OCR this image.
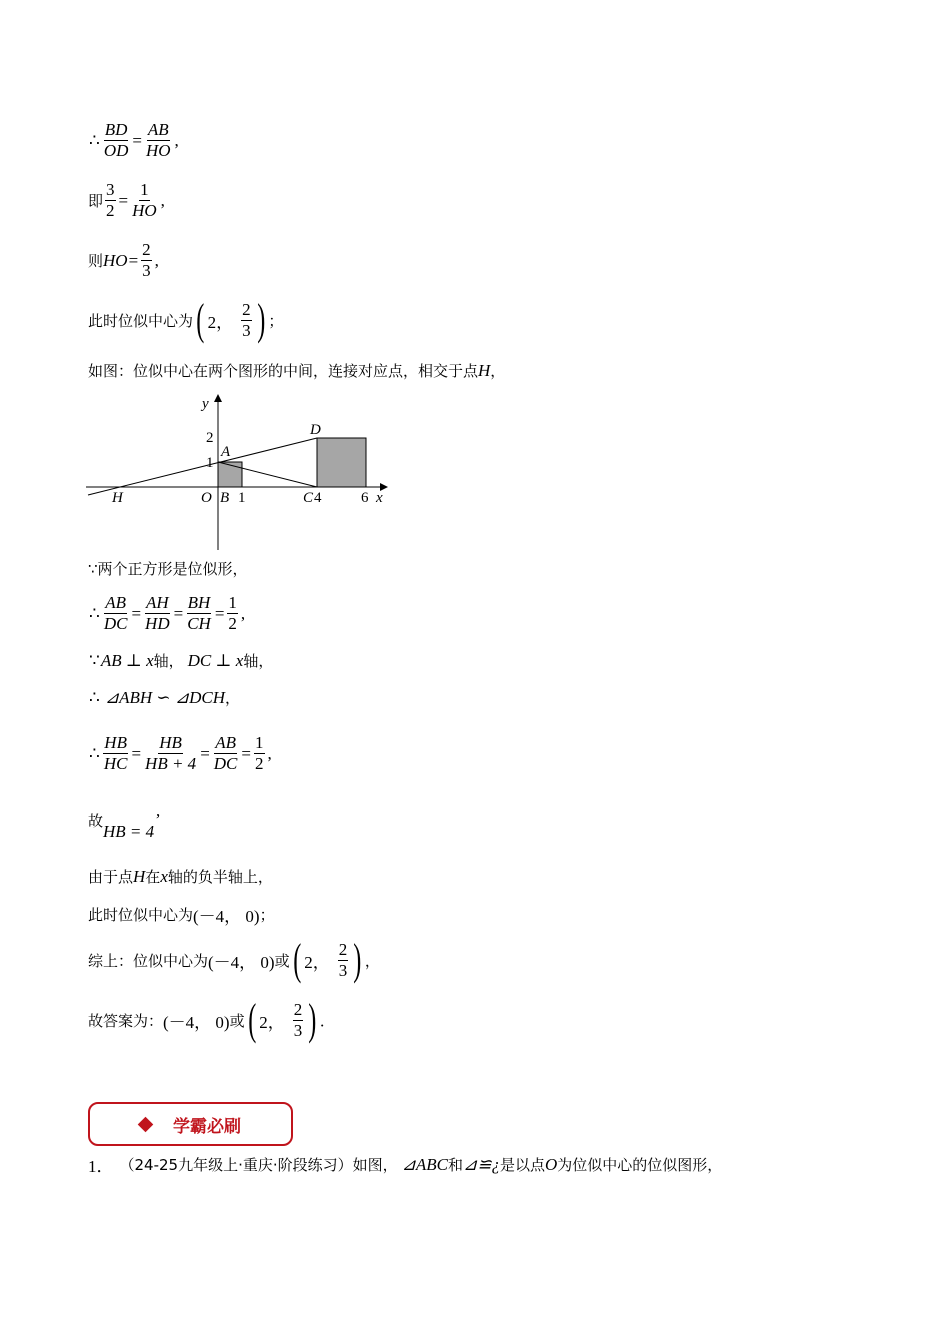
∴ $\frac{BD}{OD} = \frac{AB}{HO}$ ,
即 $\frac{3}{2} = \frac{1}{HO}$ ,
则 HO = $\frac{2}{3}$ ,
此时位似中心为 ( 2， $\frac{2}{3}$ ) ；
如图：位似中心在两个图形的中间，连接对应点，相交于点 H ，
y
2
1
A
D
H	O B 1	C 4	6 x
∵两个正方形是位似形，
∴ $\frac{AB}{DC} = \frac{AH}{HD} = \frac{BH}{CH} = \frac{1}{2}$ ,
∵ AB ⊥ x 轴， DC ⊥ x 轴，
∴ ⊿ABH ∽ ⊿DCH ，
∴ $\frac{HB}{HC} = \frac{HB}{HB + 4} = \frac{AB}{DC} = \frac{1}{2}$ ,
故
HB = 4
’
由于点 H 在 x 轴的负半轴上，
此时位似中心为 (－4， 0) ；
综上：位似中心为 (－4， 0) 或 ( 2， $\frac{2}{3}$ ) ，
故答案为： (－4， 0) 或 ( 2， $\frac{2}{3}$ ) ．
学霸必刷
1． （24-25九年级上·重庆·阶段练习）如图， ⊿ABC 和 ⊿≌¿ 是以点 O 为位似中心的位似图形，
